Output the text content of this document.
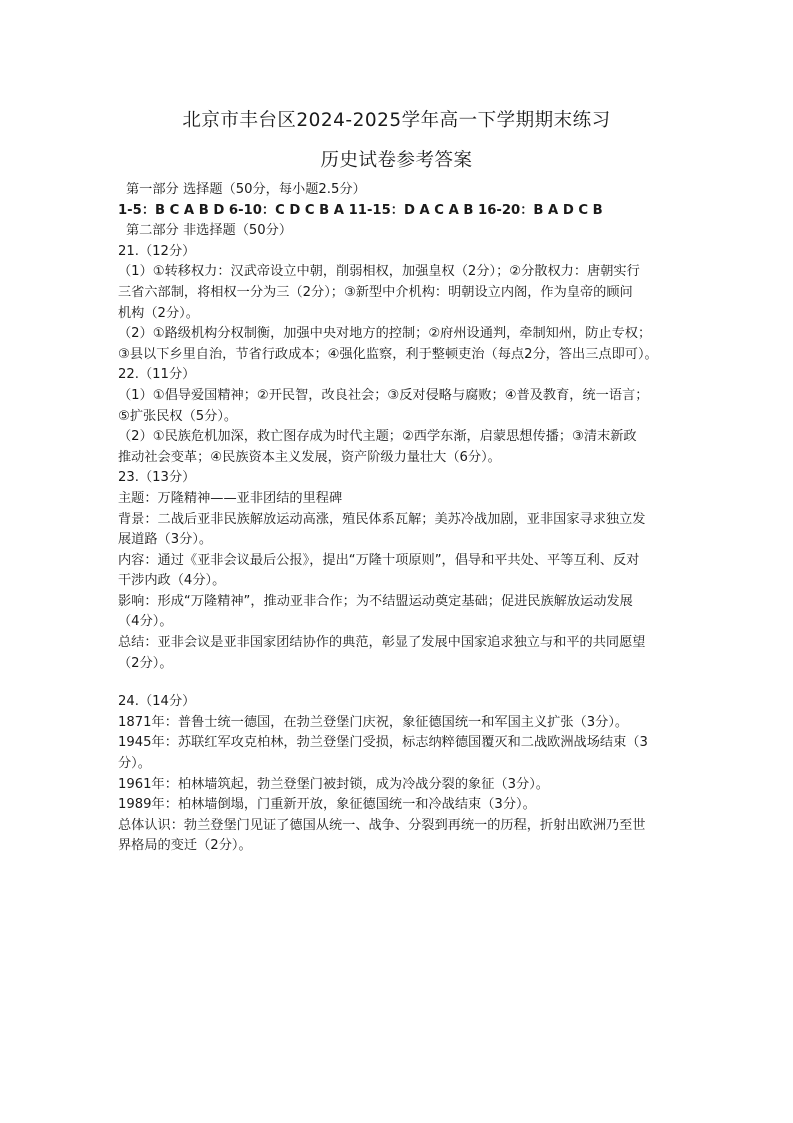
北京市丰台区2024-2025学年高一下学期期末练习
历史试卷参考答案
第一部分 选择题（50分，每小题2.5分）
1-5：B C A B D 6-10：C D C B A 11-15：D A C A B 16-20：B A D C B
第二部分 非选择题（50分）
21.（12分）
（1）①转移权力：汉武帝设立中朝，削弱相权，加强皇权（2分）；②分散权力：唐朝实行
三省六部制，将相权一分为三（2分）；③新型中介机构：明朝设立内阁，作为皇帝的顾问
机构（2分）。
（2）①路级机构分权制衡，加强中央对地方的控制；②府州设通判，牵制知州，防止专权；
③县以下乡里自治，节省行政成本；④强化监察，利于整顿吏治（每点2分，答出三点即可）。
22.（11分）
（1）①倡导爱国精神；②开民智，改良社会；③反对侵略与腐败；④普及教育，统一语言；
⑤扩张民权（5分）。
（2）①民族危机加深，救亡图存成为时代主题；②西学东渐，启蒙思想传播；③清末新政
推动社会变革；④民族资本主义发展，资产阶级力量壮大（6分）。
23.（13分）
主题：万隆精神——亚非团结的里程碑
背景：二战后亚非民族解放运动高涨，殖民体系瓦解；美苏冷战加剧，亚非国家寻求独立发
展道路（3分）。
内容：通过《亚非会议最后公报》，提出“万隆十项原则”，倡导和平共处、平等互利、反对
干涉内政（4分）。
影响：形成“万隆精神”，推动亚非合作；为不结盟运动奠定基础；促进民族解放运动发展
（4分）。
总结：亚非会议是亚非国家团结协作的典范，彰显了发展中国家追求独立与和平的共同愿望
（2分）。
24.（14分）
1871年：普鲁士统一德国，在勃兰登堡门庆祝，象征德国统一和军国主义扩张（3分）。
1945年：苏联红军攻克柏林，勃兰登堡门受损，标志纳粹德国覆灭和二战欧洲战场结束（3
分）。
1961年：柏林墙筑起，勃兰登堡门被封锁，成为冷战分裂的象征（3分）。
1989年：柏林墙倒塌，门重新开放，象征德国统一和冷战结束（3分）。
总体认识：勃兰登堡门见证了德国从统一、战争、分裂到再统一的历程，折射出欧洲乃至世
界格局的变迁（2分）。
